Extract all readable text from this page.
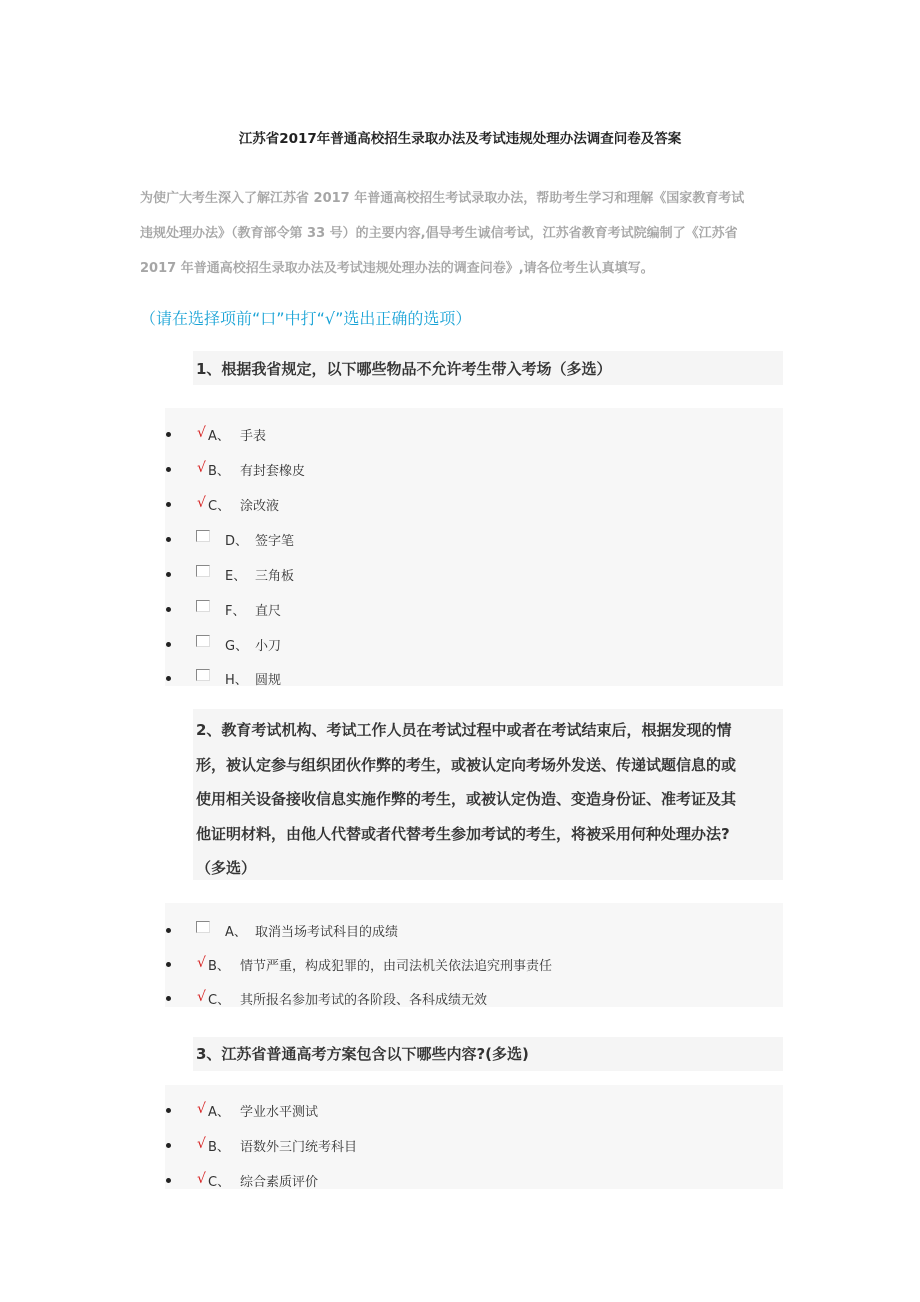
江苏省2017年普通高校招生录取办法及考试违规处理办法调查问卷及答案
为使广大考生深入了解江苏省 2017 年普通高校招生考试录取办法，帮助考生学习和理解《国家教育考试
违规处理办法》（教育部令第 33 号）的主要内容,倡导考生诚信考试，江苏省教育考试院编制了《江苏省
2017 年普通高校招生录取办法及考试违规处理办法的调查问卷》,请各位考生认真填写。
（请在选择项前“口”中打“√”选出正确的选项）
1、根据我省规定，以下哪些物品不允许考生带入考场（多选）
√ A、 手表
√ B、 有封套橡皮
√ C、 涂改液
D、 签字笔
E、 三角板
F、 直尺
G、 小刀
H、 圆规
2、教育考试机构、考试工作人员在考试过程中或者在考试结束后，根据发现的情
形，被认定参与组织团伙作弊的考生，或被认定向考场外发送、传递试题信息的或
使用相关设备接收信息实施作弊的考生，或被认定伪造、变造身份证、准考证及其
他证明材料，由他人代替或者代替考生参加考试的考生，将被采用何种处理办法?
（多选）
A、 取消当场考试科目的成绩
√ B、 情节严重，构成犯罪的，由司法机关依法追究刑事责任
√ C、 其所报名参加考试的各阶段、各科成绩无效
3、江苏省普通高考方案包含以下哪些内容?(多选)
√ A、 学业水平测试
√ B、 语数外三门统考科目
√ C、 综合素质评价
